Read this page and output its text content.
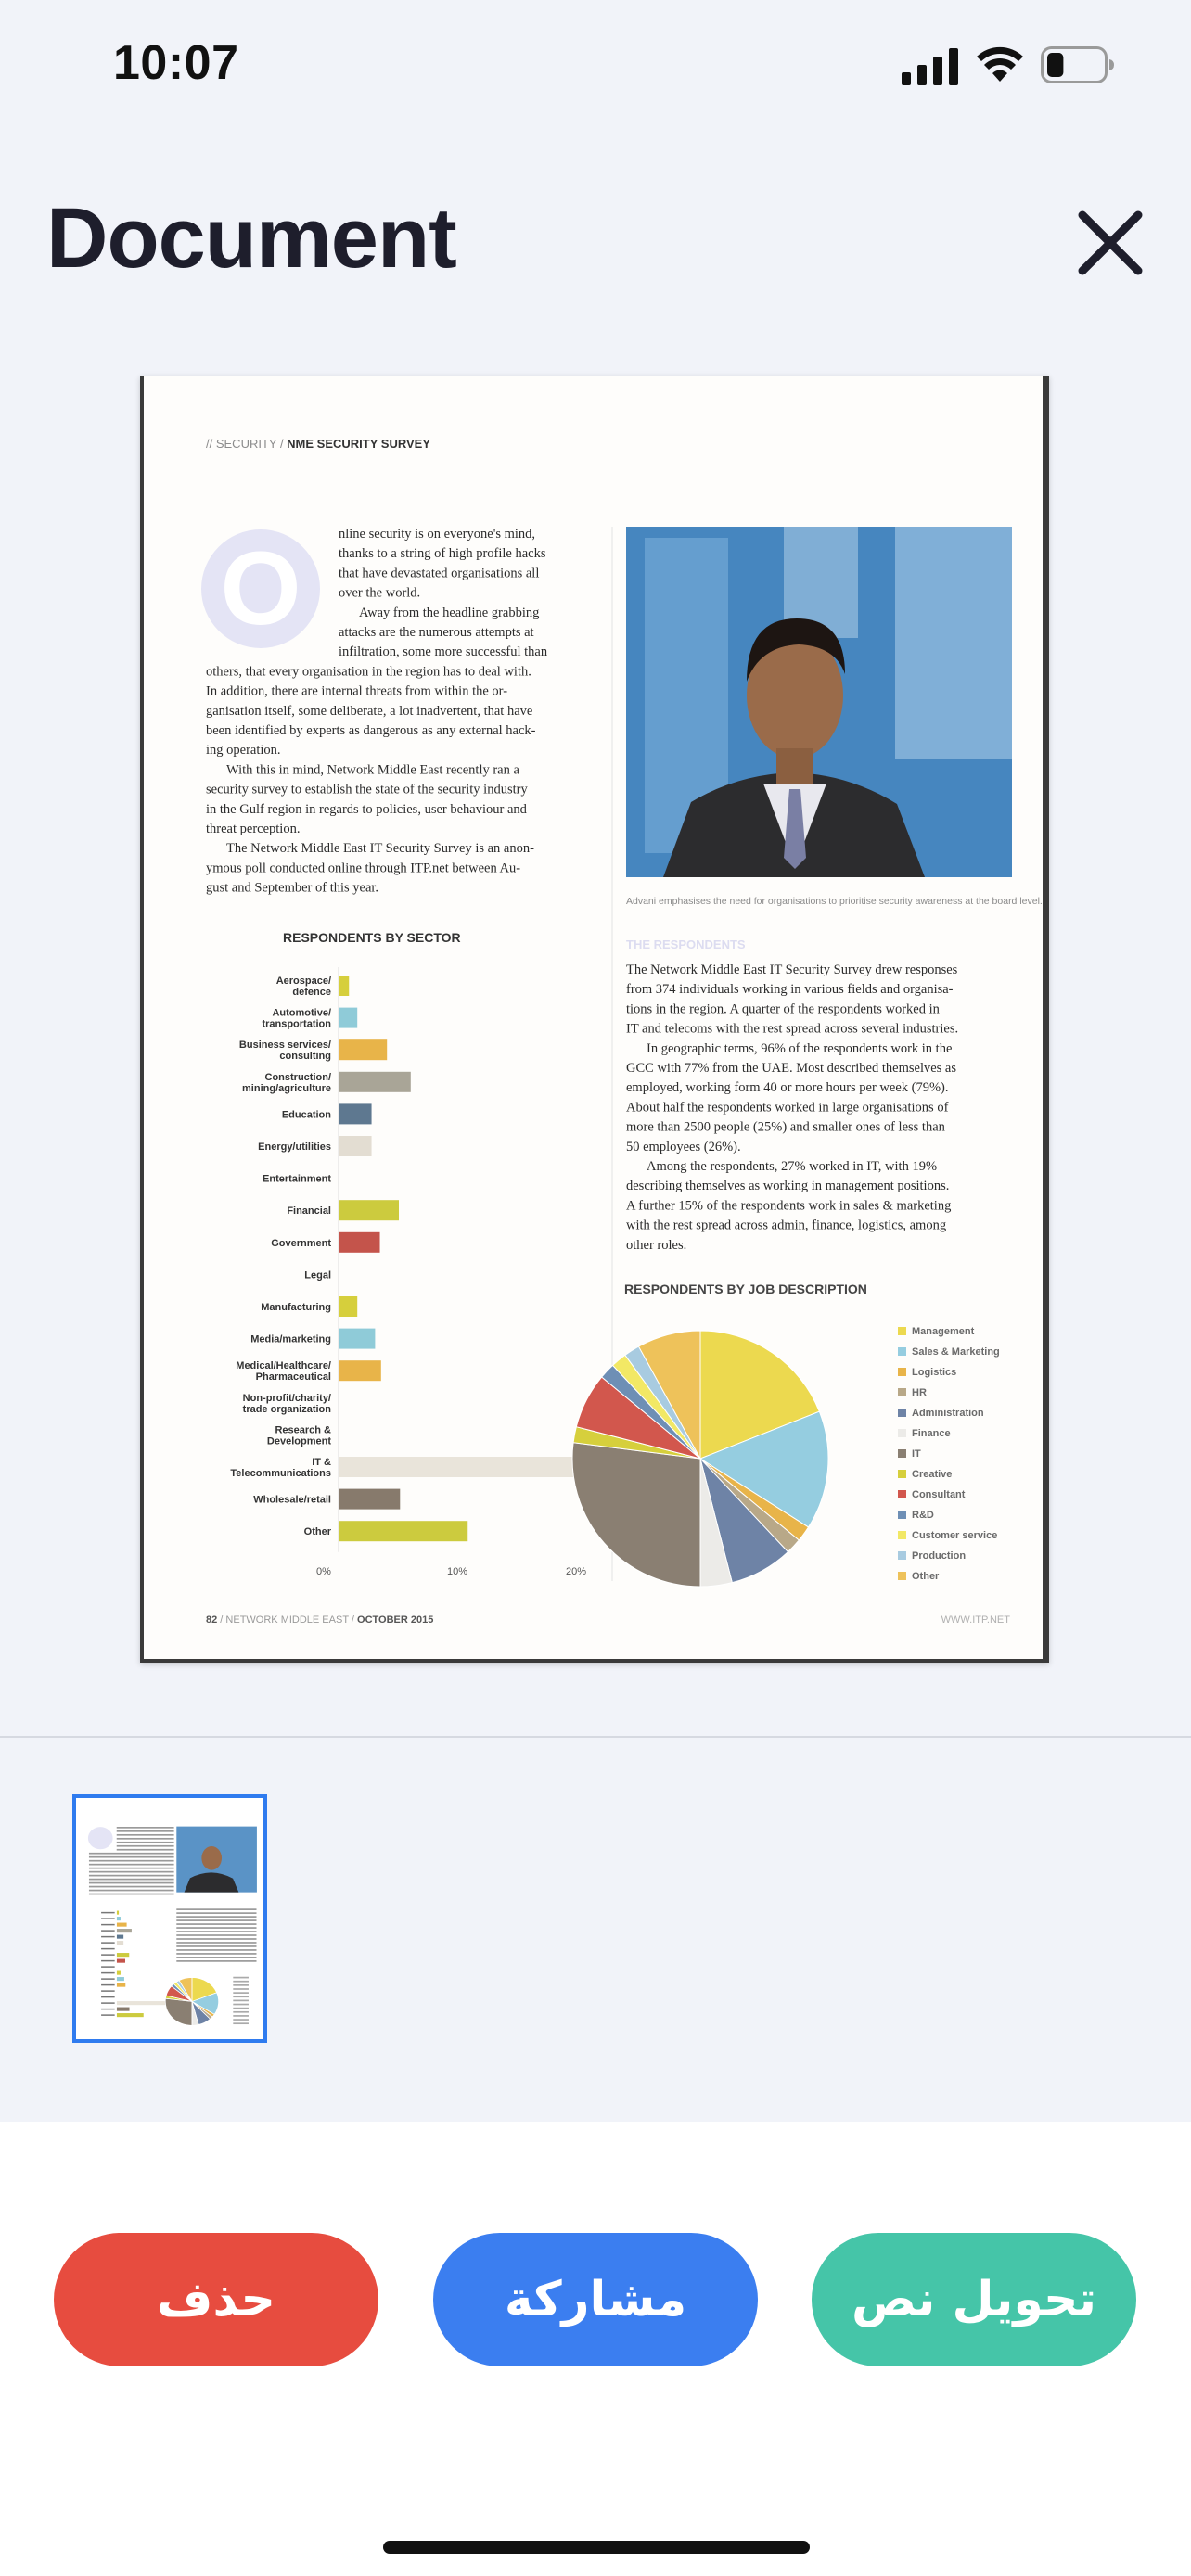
10:07
Document
// SECURITY / NME SECURITY SURVEY
O	nline security is on everyone's mind,
thanks to a string of high profile hacks
that have devastated organisations all
over the world.
Away from the headline grabbing
attacks are the numerous attempts at
infiltration, some more successful than
others, that every organisation in the region has to deal with.
In addition, there are internal threats from within the or-
ganisation itself, some deliberate, a lot inadvertent, that have
been identified by experts as dangerous as any external hack-
ing operation.
With this in mind, Network Middle East recently ran a
security survey to establish the state of the security industry
in the Gulf region in regards to policies, user behaviour and
threat perception.
The Network Middle East IT Security Survey is an anon-
ymous poll conducted online through ITP.net between Au-
gust and September of this year.
Advani emphasises the need for organisations to prioritise security awareness at the board level.
RESPONDENTS BY SECTOR
Aerospace/ defence
Automotive/ transportation
Business services/ consulting
Construction/ mining/agriculture
Education
Energy/utilities
Entertainment
Financial
Government
Legal
Manufacturing
Media/marketing
Medical/Healthcare/ Pharmaceutical
Non-profit/charity/ trade organization
Research & Development
IT & Telecommunications
Wholesale/retail
Other
0%	10%	20%
THE RESPONDENTS
The Network Middle East IT Security Survey drew responses
from 374 individuals working in various fields and organisa-
tions in the region. A quarter of the respondents worked in
IT and telecoms with the rest spread across several industries.
In geographic terms, 96% of the respondents work in the
GCC with 77% from the UAE. Most described themselves as
employed, working form 40 or more hours per week (79%).
About half the respondents worked in large organisations of
more than 2500 people (25%) and smaller ones of less than
50 employees (26%).
Among the respondents, 27% worked in IT, with 19%
describing themselves as working in management positions.
A further 15% of the respondents work in sales & marketing
with the rest spread across admin, finance, logistics, among
other roles.
RESPONDENTS BY JOB DESCRIPTION
Management
Sales & Marketing
Logistics
HR
Administration
Finance
IT
Creative
Consultant
R&D
Customer service
Production
Other
82 / NETWORK MIDDLE EAST / OCTOBER 2015	WWW.ITP.NET
حذف	مشاركة	تحويل نص
